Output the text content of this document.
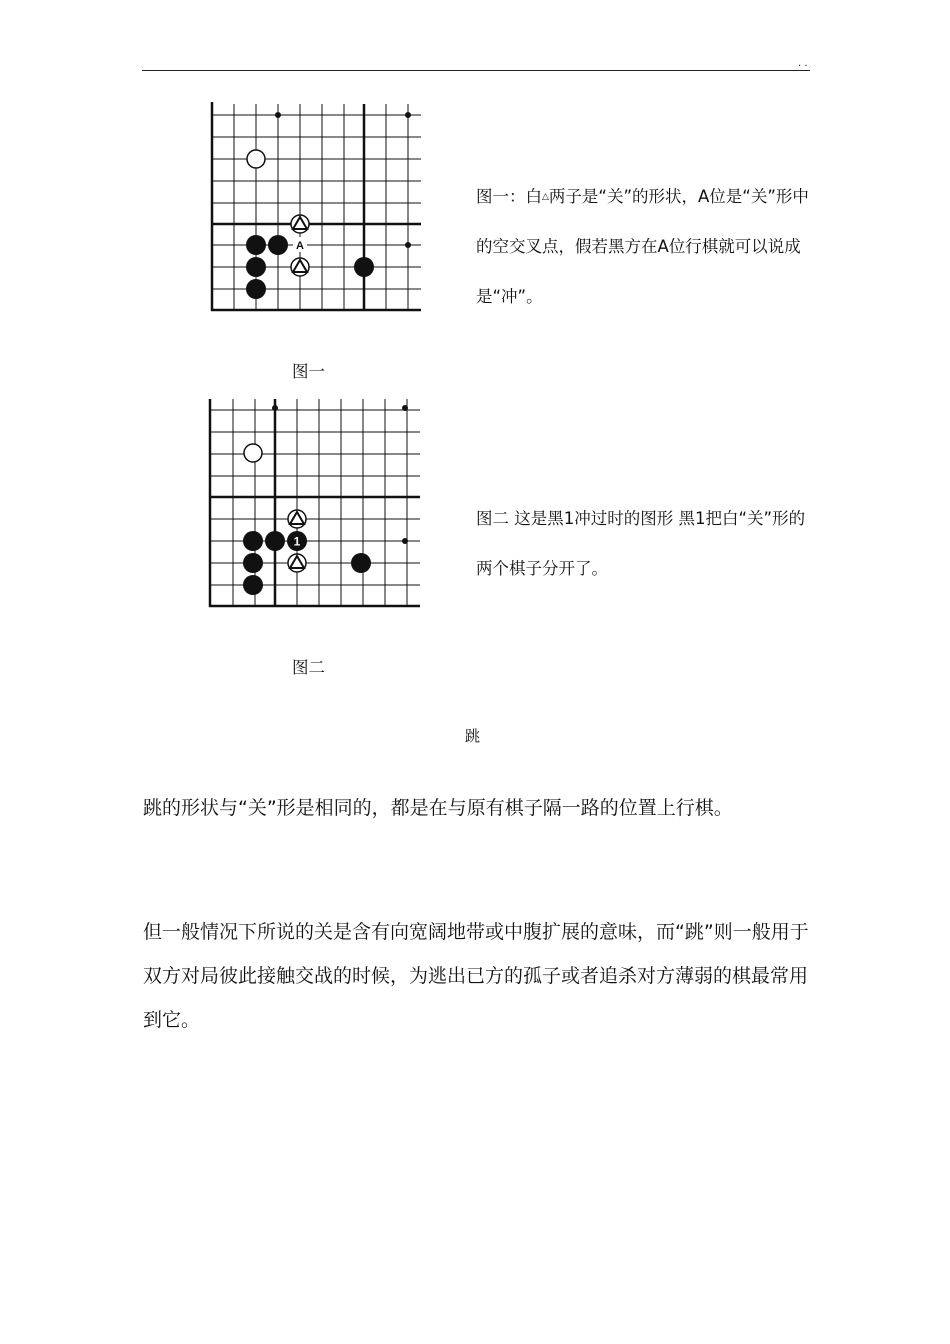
. .
A

图一：白△两子是“关”的形状，A位是“关”形中的空交叉点，假若黑方在A位行棋就可以说成是“冲”。

图一
1

图二 这是黑1冲过时的图形 黑1把白“关”形的两个棋子分开了。

图二
跳

跳的形状与“关”形是相同的，都是在与原有棋子隔一路的位置上行棋。

但一般情况下所说的关是含有向宽阔地带或中腹扩展的意味，而“跳”则一般用于双方对局彼此接触交战的时候，为逃出已方的孤子或者追杀对方薄弱的棋最常用到它。
